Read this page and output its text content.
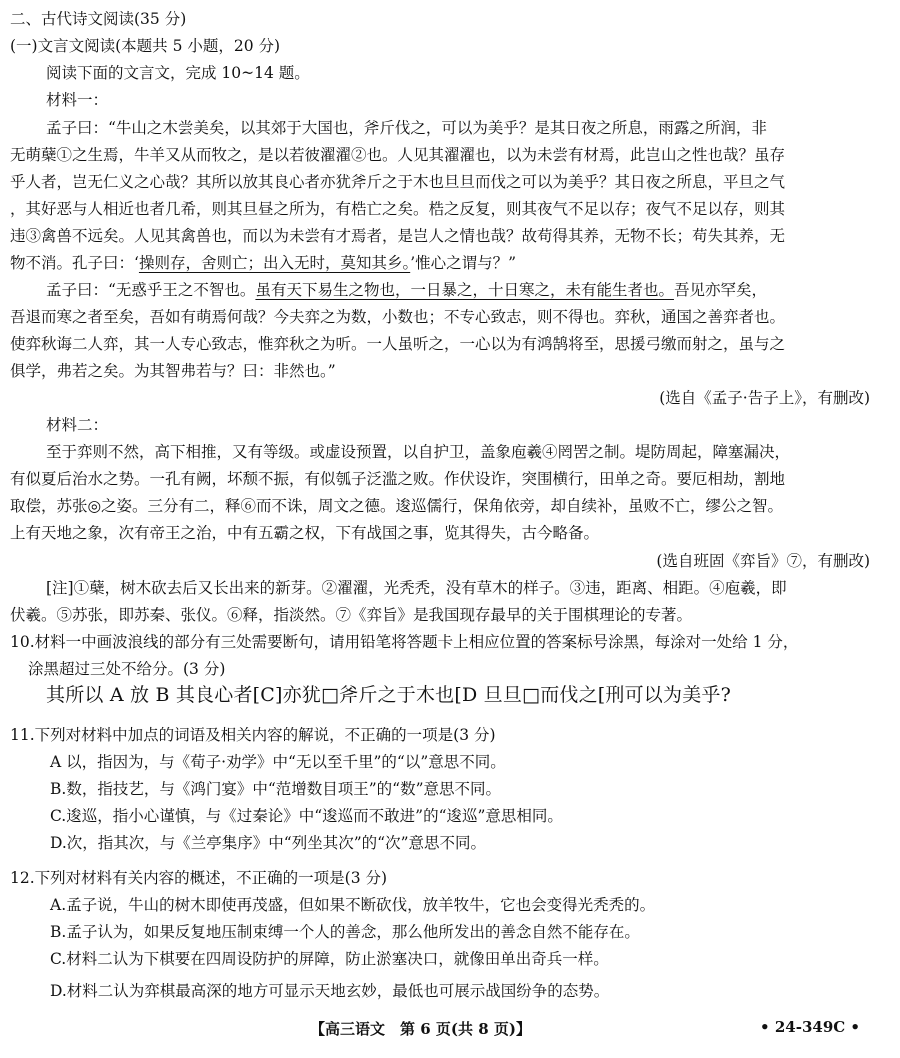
二、古代诗文阅读(35 分)
(一)文言文阅读(本题共 5 小题，20 分)
阅读下面的文言文，完成 10~14 题。
材料一：
孟子曰：“牛山之木尝美矣，以其郊于大国也，斧斤伐之，可以为美乎？是其日夜之所息，雨露之所润，非
无萌蘖①之生焉，牛羊又从而牧之，是以若彼濯濯②也。人见其濯濯也，以为未尝有材焉，此岂山之性也哉？虽存
乎人者，岂无仁义之心哉？其所以放其良心者亦犹斧斤之于木也旦旦而伐之可以为美乎？其日夜之所息，平旦之气
，其好恶与人相近也者几希，则其旦昼之所为，有梏亡之矣。梏之反复，则其夜气不足以存；夜气不足以存，则其
违③禽兽不远矣。人见其禽兽也，而以为未尝有才焉者，是岂人之情也哉？故苟得其养，无物不长；苟失其养，无
物不消。孔子曰：‘操则存，舍则亡；出入无时，莫知其乡。’惟心之谓与？”
孟子曰：“无惑乎王之不智也。虽有天下易生之物也，一日暴之，十日寒之，未有能生者也。吾见亦罕矣，
吾退而寒之者至矣，吾如有萌焉何哉？今夫弈之为数，小数也；不专心致志，则不得也。弈秋，通国之善弈者也。
使弈秋诲二人弈，其一人专心致志，惟弈秋之为听。一人虽听之，一心以为有鸿鹄将至，思援弓缴而射之，虽与之
俱学，弗若之矣。为其智弗若与？曰：非然也。”
(选自《孟子·告子上》，有删改)
材料二：
至于弈则不然，高下相推，又有等级。或虚设预置，以自护卫，盖象庖羲④罔罟之制。堤防周起，障塞漏决，
有似夏后治水之势。一孔有阙，坏颓不振，有似瓠子泛滥之败。作伏设诈，突围横行，田单之奇。要厄相劫，割地
取偿，苏张◎之姿。三分有二，释⑥而不诛，周文之德。逡巡儒行，保角依旁，却自续补，虽败不亡，缪公之智。
上有天地之象，次有帝王之治，中有五霸之权，下有战国之事，览其得失，古今略备。
(选自班固《弈旨》⑦，有删改)
[注]①蘖，树木砍去后又长出来的新芽。②濯濯，光秃秃，没有草木的样子。③违，距离、相距。④庖羲，即
伏羲。⑤苏张，即苏秦、张仪。⑥释，指淡然。⑦《弈旨》是我国现存最早的关于围棋理论的专著。
10.材料一中画波浪线的部分有三处需要断句，请用铅笔将答题卡上相应位置的答案标号涂黑，每涂对一处给 1 分，
涂黑超过三处不给分。(3 分)
其所以 A 放 B 其良心者[C]亦犹□斧斤之于木也[D 旦旦□而伐之[刑可以为美乎?
11.下列对材料中加点的词语及相关内容的解说，不正确的一项是(3 分)
A 以，指因为，与《荀子·劝学》中“无以至千里”的“以”意思不同。
B.数，指技艺，与《鸿门宴》中“范增数目项王”的“数”意思不同。
C.逡巡，指小心谨慎，与《过秦论》中“逡巡而不敢进”的“逡巡”意思相同。
D.次，指其次，与《兰亭集序》中“列坐其次”的“次”意思不同。
12.下列对材料有关内容的概述，不正确的一项是(3 分)
A.孟子说，牛山的树木即使再茂盛，但如果不断砍伐，放羊牧牛，它也会变得光秃秃的。
B.孟子认为，如果反复地压制束缚一个人的善念，那么他所发出的善念自然不能存在。
C.材料二认为下棋要在四周设防护的屏障，防止淤塞决口，就像田单出奇兵一样。
D.材料二认为弈棋最高深的地方可显示天地玄妙，最低也可展示战国纷争的态势。
【高三语文　第 6 页(共 8 页)】	• 24-349C •
